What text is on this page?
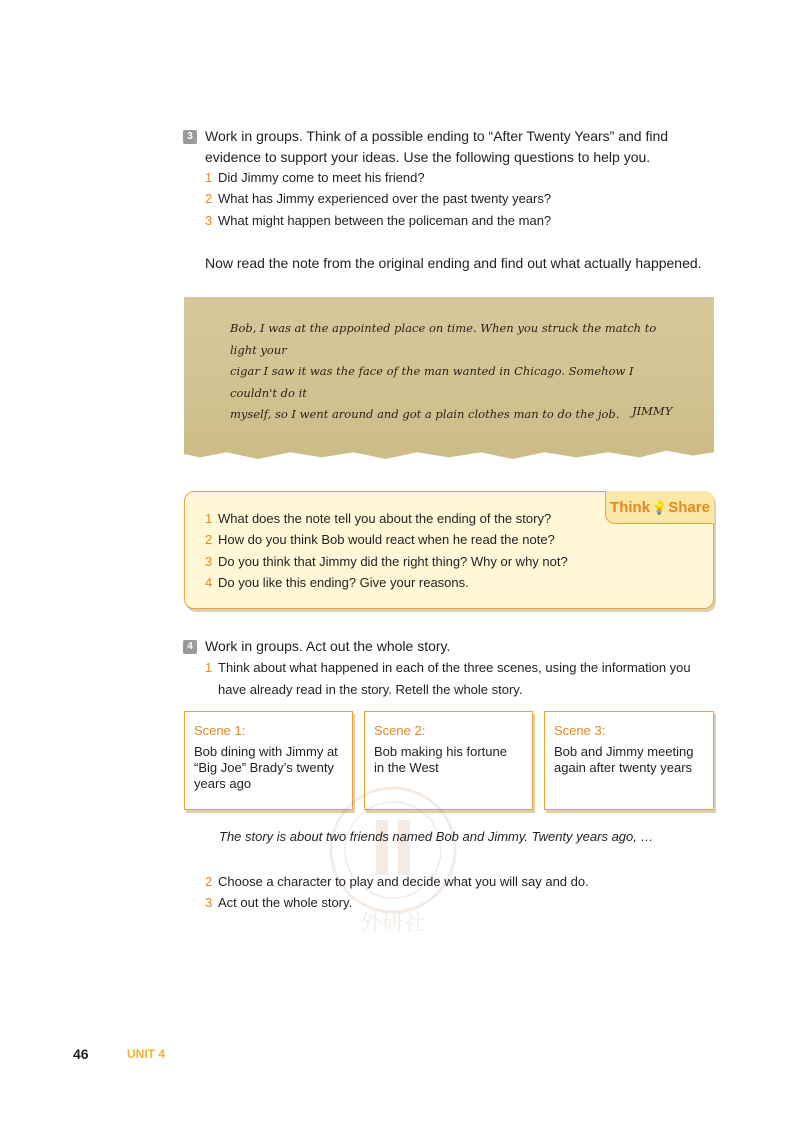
3 Work in groups. Think of a possible ending to “After Twenty Years” and find
evidence to support your ideas. Use the following questions to help you.
1 Did Jimmy come to meet his friend?
2 What has Jimmy experienced over the past twenty years?
3 What might happen between the policeman and the man?
Now read the note from the original ending and find out what actually happened.
Bob, I was at the appointed place on time. When you struck the match to light your
cigar I saw it was the face of the man wanted in Chicago. Somehow I couldn't do it
myself, so I went around and got a plain clothes man to do the job.	JIMMY
Think💡Share
1 What does the note tell you about the ending of the story?
2 How do you think Bob would react when he read the note?
3 Do you think that Jimmy did the right thing? Why or why not?
4 Do you like this ending? Give your reasons.
4 Work in groups. Act out the whole story.
1 Think about what happened in each of the three scenes, using the information you
have already read in the story. Retell the whole story.
Scene 1:
Bob dining with Jimmy at
“Big Joe” Brady’s twenty
years ago
Scene 2:
Bob making his fortune
in the West
Scene 3:
Bob and Jimmy meeting
again after twenty years
外研社
The story is about two friends named Bob and Jimmy. Twenty years ago, …
2 Choose a character to play and decide what you will say and do.
3 Act out the whole story.
46	UNIT 4
